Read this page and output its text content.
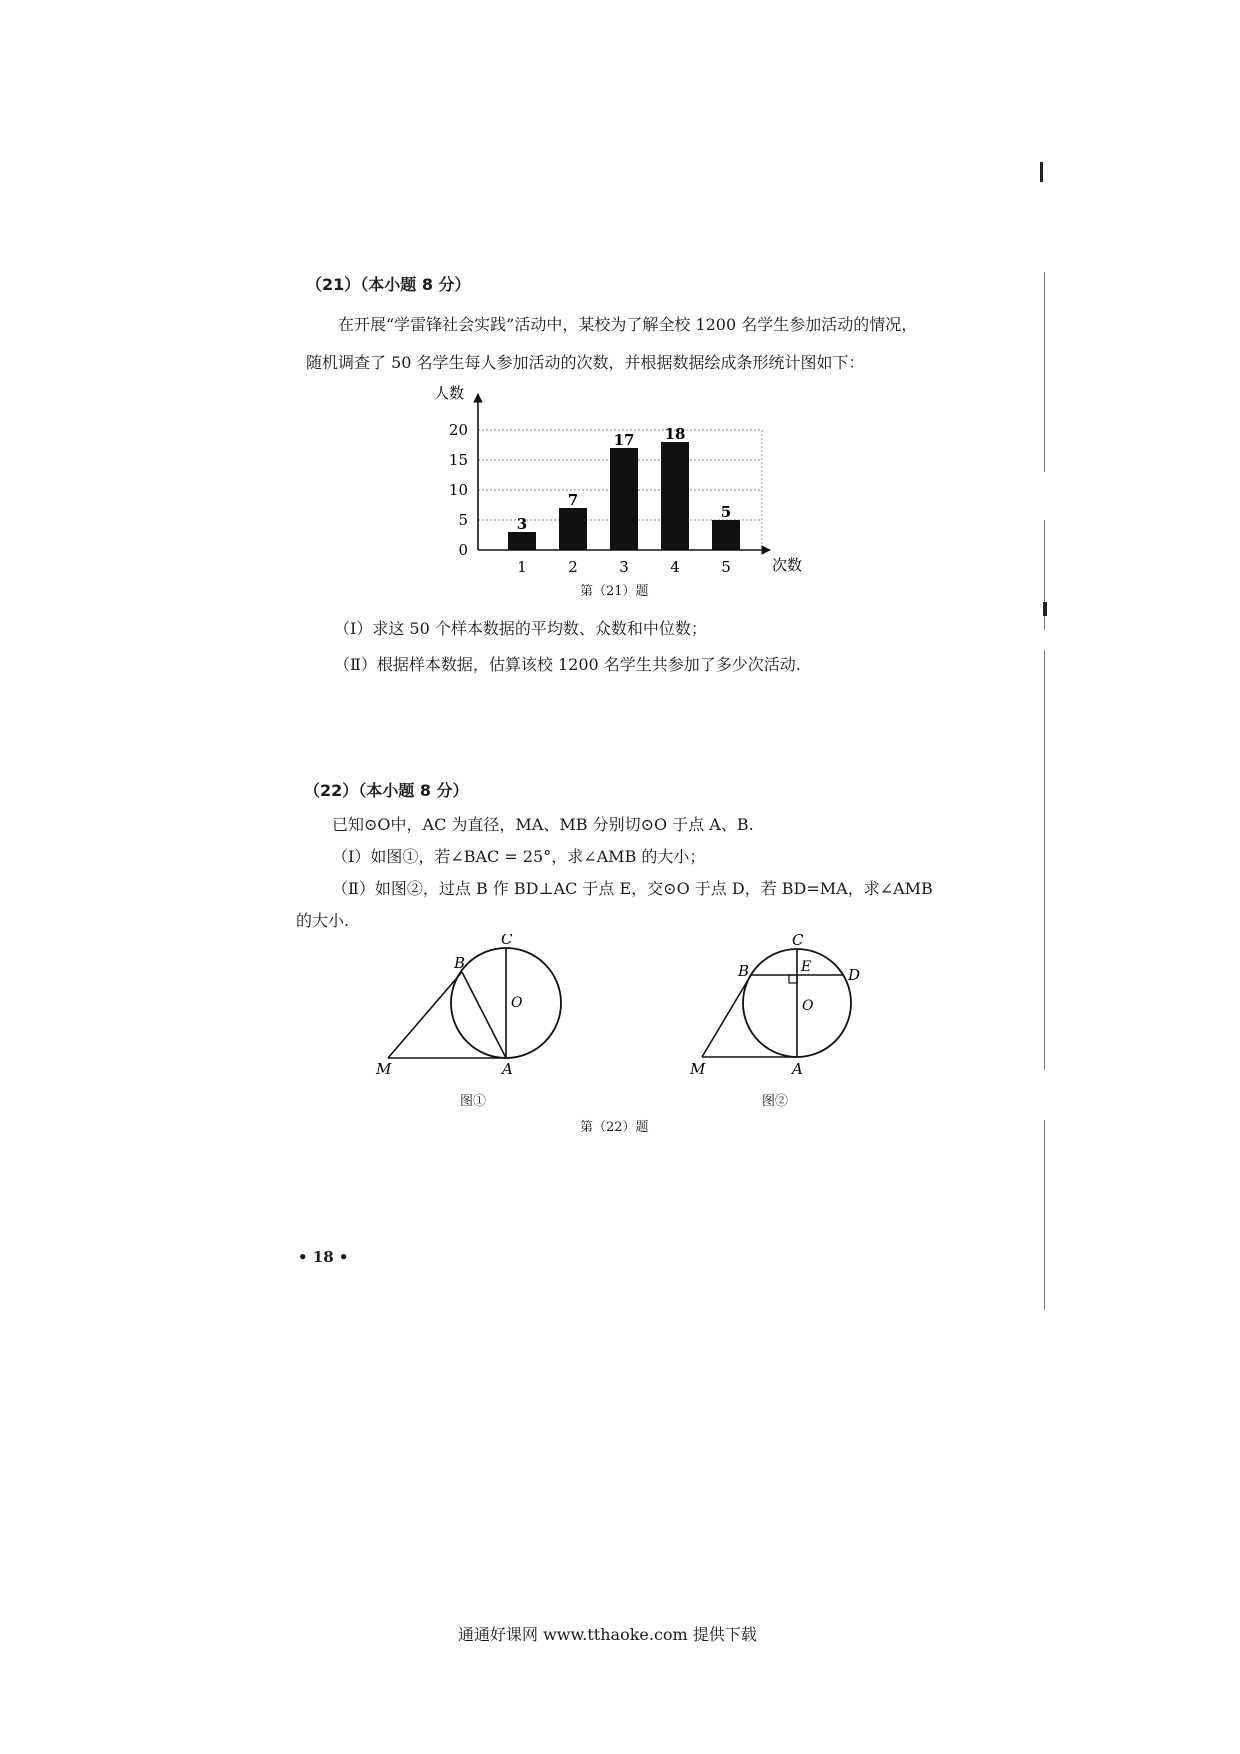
（21）（本小题 8 分）
在开展“学雷锋社会实践”活动中，某校为了解全校 1200 名学生参加活动的情况，
随机调查了 50 名学生每人参加活动的次数，并根据数据绘成条形统计图如下：
0
5
10
15
20
3
1
7
2
17
3
18
4
5
5
人数
次数
第（21）题
（Ⅰ）求这 50 个样本数据的平均数、众数和中位数；
（Ⅱ）根据样本数据，估算该校 1200 名学生共参加了多少次活动.
（22）（本小题 8 分）
已知⊙O中，AC 为直径，MA、MB 分别切⊙O 于点 A、B.
（Ⅰ）如图①，若∠BAC = 25°，求∠AMB 的大小；
（Ⅱ）如图②，过点 B 作 BD⊥AC 于点 E，交⊙O 于点 D，若 BD=MA，求∠AMB
的大小.
C
B
O
M	A
图①
C
E
B	D
O
M	A
图②
第（22）题
• 18 •
通通好课网 www.tthaoke.com 提供下载
